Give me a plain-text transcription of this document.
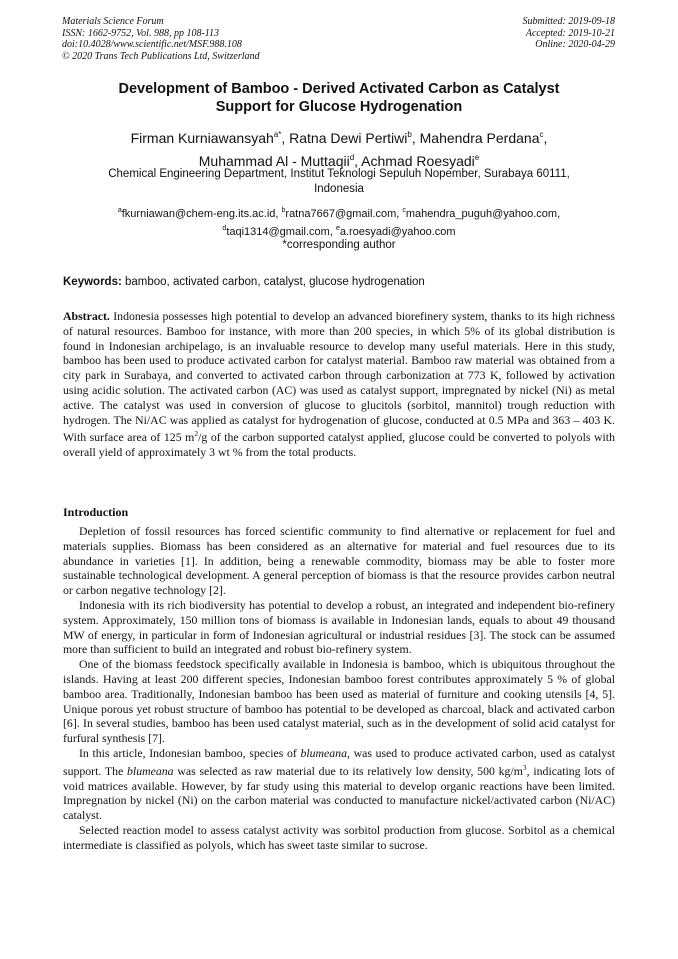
Materials Science Forum
ISSN: 1662-9752, Vol. 988, pp 108-113
doi:10.4028/www.scientific.net/MSF.988.108
© 2020 Trans Tech Publications Ltd, Switzerland
Submitted: 2019-09-18
Accepted: 2019-10-21
Online: 2020-04-29
Development of Bamboo - Derived Activated Carbon as Catalyst
Support for Glucose Hydrogenation
Firman Kurniawansyah$^{a*}$, Ratna Dewi Pertiwi$^b$, Mahendra Perdana$^c$,
Muhammad Al - Muttaqii$^d$, Achmad Roesyadi$^e$
Chemical Engineering Department, Institut Teknologi Sepuluh Nopember, Surabaya 60111,
Indonesia
$^a$fkurniawan@chem-eng.its.ac.id, $^b$ratna7667@gmail.com, $^c$mahendra_puguh@yahoo.com,
$^d$taqi1314@gmail.com, $^e$a.roesyadi@yahoo.com
*corresponding author
Keywords: bamboo, activated carbon, catalyst, glucose hydrogenation
Abstract. Indonesia possesses high potential to develop an advanced biorefinery system, thanks to its high richness of natural resources. Bamboo for instance, with more than 200 species, in which 5% of its global distribution is found in Indonesian archipelago, is an invaluable resource to develop many useful materials. Here in this study, bamboo has been used to produce activated carbon for catalyst material. Bamboo raw material was obtained from a city park in Surabaya, and converted to activated carbon through carbonization at 773 K, followed by activation using acidic solution. The activated carbon (AC) was used as catalyst support, impregnated by nickel (Ni) as metal active. The catalyst was used in conversion of glucose to glucitols (sorbitol, mannitol) trough reduction with hydrogen. The Ni/AC was applied as catalyst for hydrogenation of glucose, conducted at 0.5 MPa and 363 – 403 K. With surface area of 125 $m^2/g$ of the carbon supported catalyst applied, glucose could be converted to polyols with overall yield of approximately 3 wt % from the total products.
Introduction

Depletion of fossil resources has forced scientific community to find alternative or replacement for fuel and materials supplies. Biomass has been considered as an alternative for material and fuel resources due to its abundance in varieties [1]. In addition, being a renewable commodity, biomass may be able to foster more sustainable technological development. A general perception of biomass is that the resource provides carbon neutral or carbon negative technology [2].

Indonesia with its rich biodiversity has potential to develop a robust, an integrated and independent bio-refinery system. Approximately, 150 million tons of biomass is available in Indonesian lands, equals to about 49 thousand MW of energy, in particular in form of Indonesian agricultural or industrial residues [3]. The stock can be assumed more than sufficient to build an integrated and robust bio-refinery system.

One of the biomass feedstock specifically available in Indonesia is bamboo, which is ubiquitous throughout the islands. Having at least 200 different species, Indonesian bamboo forest contributes approximately 5 % of global bamboo area. Traditionally, Indonesian bamboo has been used as material of furniture and cooking utensils [4, 5]. Unique porous yet robust structure of bamboo has potential to be developed as charcoal, black and activated carbon [6]. In several studies, bamboo has been used catalyst material, such as in the development of solid acid catalyst for furfural synthesis [7].

In this article, Indonesian bamboo, species of blumeana, was used to produce activated carbon, used as catalyst support. The blumeana was selected as raw material due to its relatively low density, 500 $kg/m^3$, indicating lots of void matrices available. However, by far study using this material to develop organic reactions have been limited. Impregnation by nickel (Ni) on the carbon material was conducted to manufacture nickel/activated carbon (Ni/AC) catalyst.

Selected reaction model to assess catalyst activity was sorbitol production from glucose. Sorbitol as a chemical intermediate is classified as polyols, which has sweet taste similar to sucrose.
